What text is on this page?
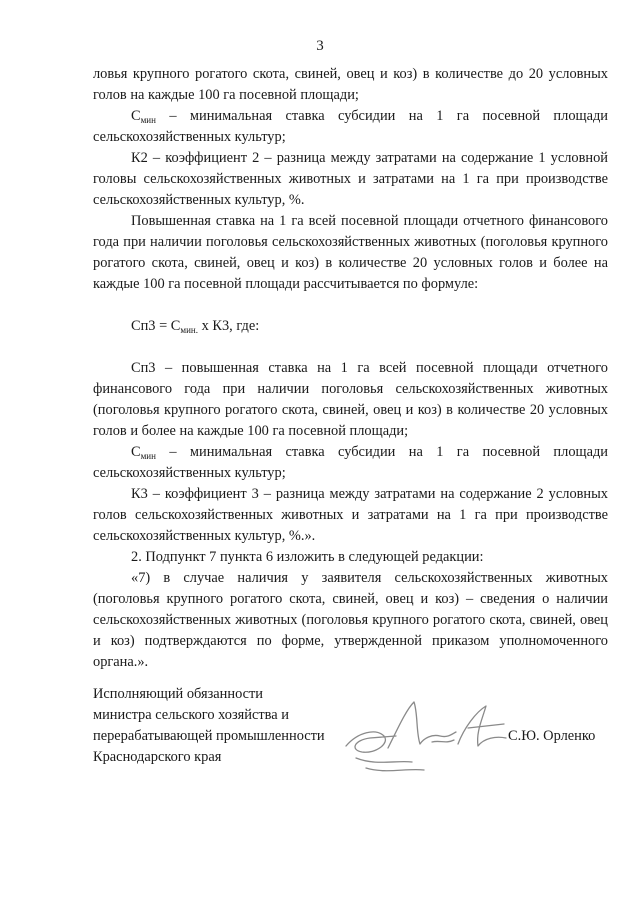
3

ловья крупного рогатого скота, свиней, овец и коз) в количестве до 20 условных голов на каждые 100 га посевной площади;

$С_{мин}$ – минимальная ставка субсидии на 1 га посевной площади сельскохозяйственных культур;

К2 – коэффициент 2 – разница между затратами на содержание 1 условной головы сельскохозяйственных животных и затратами на 1 га при производстве сельскохозяйственных культур, %.

Повышенная ставка на 1 га всей посевной площади отчетного финансового года при наличии поголовья сельскохозяйственных животных (поголовья крупного рогатого скота, свиней, овец и коз) в количестве 20 условных голов и более на каждые 100 га посевной площади рассчитывается по формуле:

$Сп3 = С_{мин.}$ х К3, где:

Сп3 – повышенная ставка на 1 га всей посевной площади отчетного финансового года при наличии поголовья сельскохозяйственных животных (поголовья крупного рогатого скота, свиней, овец и коз) в количестве 20 условных голов и более на каждые 100 га посевной площади;

$С_{мин}$ – минимальная ставка субсидии на 1 га посевной площади сельскохозяйственных культур;

К3 – коэффициент 3 – разница между затратами на содержание 2 условных голов сельскохозяйственных животных и затратами на 1 га при производстве сельскохозяйственных культур, %.».

2. Подпункт 7 пункта 6 изложить в следующей редакции:

«7) в случае наличия у заявителя сельскохозяйственных животных (поголовья крупного рогатого скота, свиней, овец и коз) – сведения о наличии сельскохозяйственных животных (поголовья крупного рогатого скота, свиней, овец и коз) подтверждаются по форме, утвержденной приказом уполномоченного органа.».

Исполняющий обязанности
министра сельского хозяйства и
перерабатывающей промышленности
Краснодарского края
С.Ю. Орленко
